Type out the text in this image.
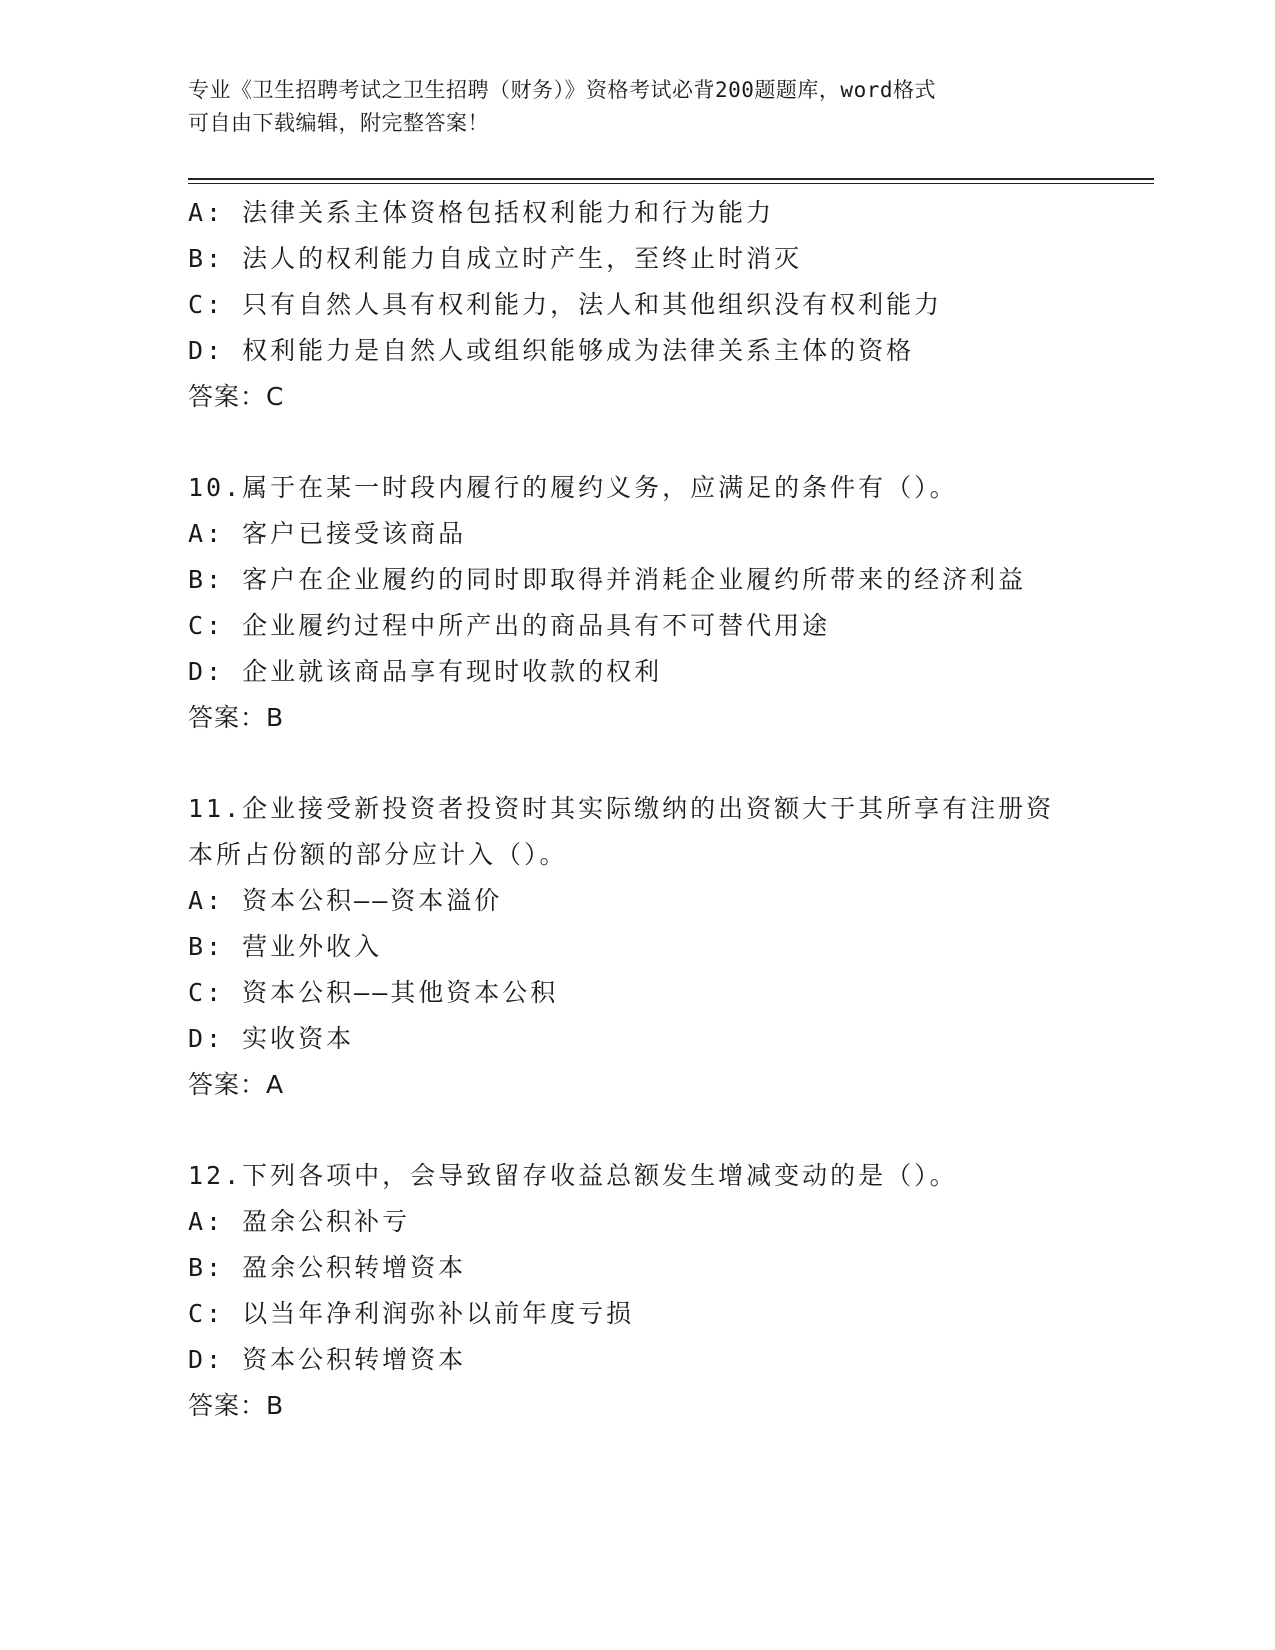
专业《卫生招聘考试之卫生招聘（财务）》资格考试必背200题题库，word格式
可自由下载编辑，附完整答案！
A: 法律关系主体资格包括权利能力和行为能力
B: 法人的权利能力自成立时产生，至终止时消灭
C: 只有自然人具有权利能力，法人和其他组织没有权利能力
D: 权利能力是自然人或组织能够成为法律关系主体的资格
答案：C
10.属于在某一时段内履行的履约义务，应满足的条件有（）。
A: 客户已接受该商品
B: 客户在企业履约的同时即取得并消耗企业履约所带来的经济利益
C: 企业履约过程中所产出的商品具有不可替代用途
D: 企业就该商品享有现时收款的权利
答案：B
11.企业接受新投资者投资时其实际缴纳的出资额大于其所享有注册资
本所占份额的部分应计入（）。
A: 资本公积——资本溢价
B: 营业外收入
C: 资本公积——其他资本公积
D: 实收资本
答案：A
12.下列各项中，会导致留存收益总额发生增减变动的是（）。
A: 盈余公积补亏
B: 盈余公积转增资本
C: 以当年净利润弥补以前年度亏损
D: 资本公积转增资本
答案：B
